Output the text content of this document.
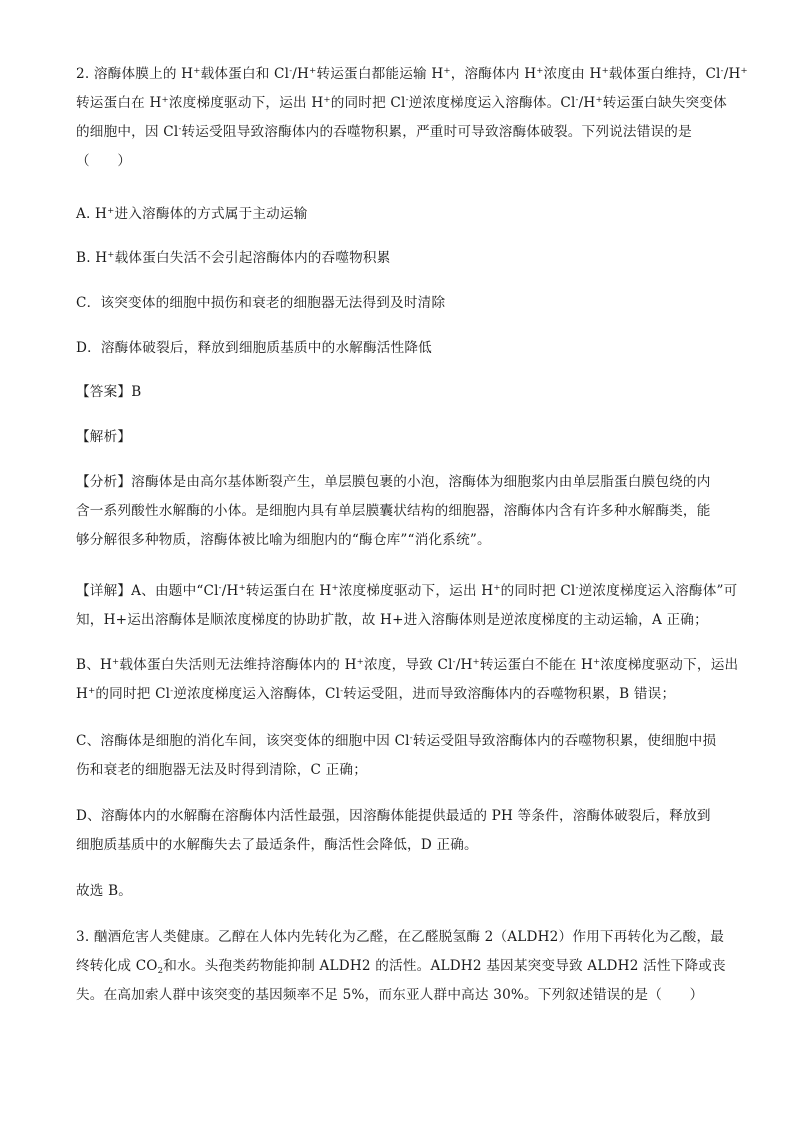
2. 溶酶体膜上的 H+载体蛋白和 Cl-/H+转运蛋白都能运输 H+，溶酶体内 H+浓度由 H+载体蛋白维持，Cl-/H+
转运蛋白在 H+浓度梯度驱动下，运出 H+的同时把 Cl-逆浓度梯度运入溶酶体。Cl-/H+转运蛋白缺失突变体
的细胞中，因 Cl-转运受阻导致溶酶体内的吞噬物积累，严重时可导致溶酶体破裂。下列说法错误的是
（　　）
A. H+进入溶酶体的方式属于主动运输
B. H+载体蛋白失活不会引起溶酶体内的吞噬物积累
C．该突变体的细胞中损伤和衰老的细胞器无法得到及时清除
D．溶酶体破裂后，释放到细胞质基质中的水解酶活性降低
【答案】B
【解析】
【分析】溶酶体是由高尔基体断裂产生，单层膜包裹的小泡，溶酶体为细胞浆内由单层脂蛋白膜包绕的内
含一系列酸性水解酶的小体。是细胞内具有单层膜囊状结构的细胞器，溶酶体内含有许多种水解酶类，能
够分解很多种物质，溶酶体被比喻为细胞内的“酶仓库”“消化系统”。
【详解】A、由题中“Cl-/H+转运蛋白在 H+浓度梯度驱动下，运出 H+的同时把 Cl-逆浓度梯度运入溶酶体”可
知，H+运出溶酶体是顺浓度梯度的协助扩散，故 H+进入溶酶体则是逆浓度梯度的主动运输，A 正确；
B、H+载体蛋白失活则无法维持溶酶体内的 H+浓度，导致 Cl-/H+转运蛋白不能在 H+浓度梯度驱动下，运出
H+的同时把 Cl-逆浓度梯度运入溶酶体，Cl-转运受阻，进而导致溶酶体内的吞噬物积累，B 错误；
C、溶酶体是细胞的消化车间，该突变体的细胞中因 Cl-转运受阻导致溶酶体内的吞噬物积累，使细胞中损
伤和衰老的细胞器无法及时得到清除，C 正确；
D、溶酶体内的水解酶在溶酶体内活性最强，因溶酶体能提供最适的 PH 等条件，溶酶体破裂后，释放到
细胞质基质中的水解酶失去了最适条件，酶活性会降低，D 正确。
故选 B。
3. 酗酒危害人类健康。乙醇在人体内先转化为乙醛，在乙醛脱氢酶 2（ALDH2）作用下再转化为乙酸，最
终转化成 $CO_2$和水。头孢类药物能抑制 ALDH2 的活性。ALDH2 基因某突变导致 ALDH2 活性下降或丧
失。在高加索人群中该突变的基因频率不足 5%，而东亚人群中高达 30%。下列叙述错误的是（　　）
